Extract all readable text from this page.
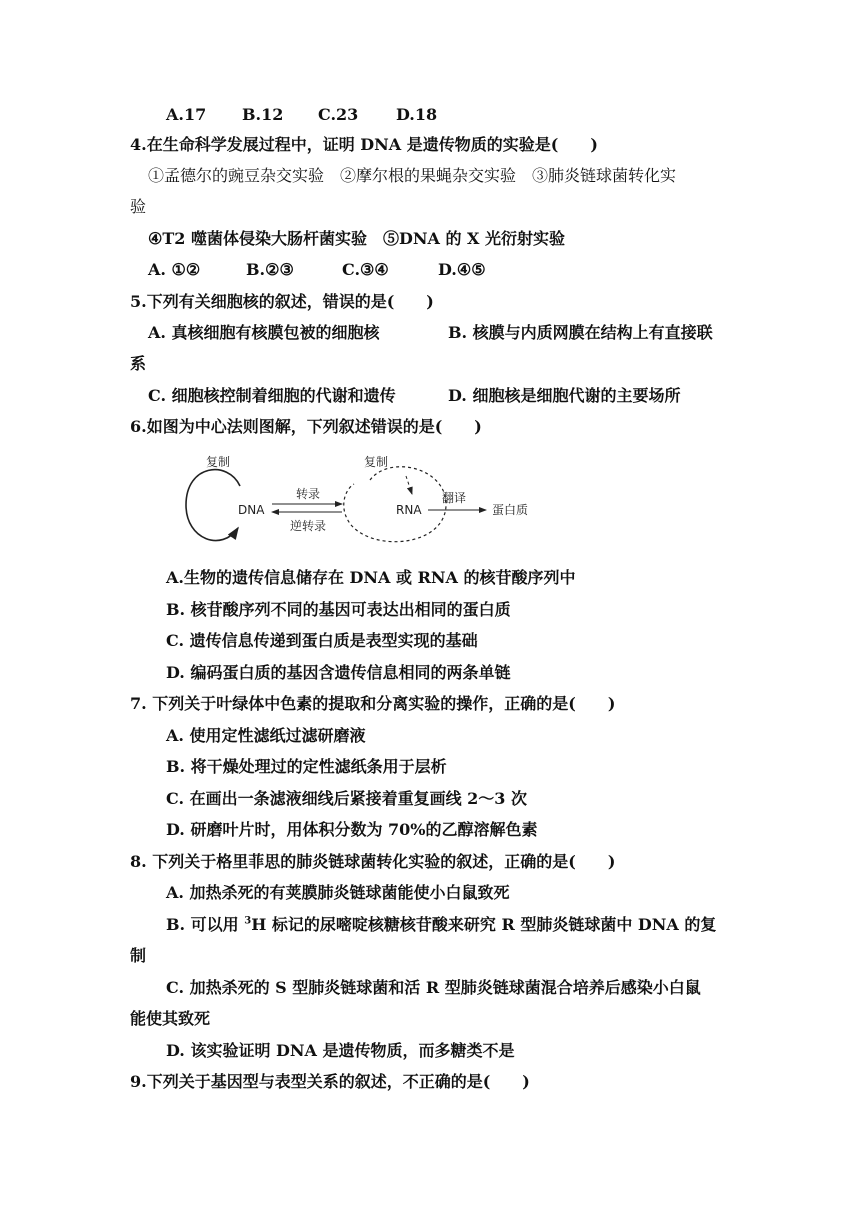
A.17 B.12 C.23 D.18
4.在生命科学发展过程中，证明 DNA 是遗传物质的实验是(　　)
①孟德尔的豌豆杂交实验　②摩尔根的果蝇杂交实验　③肺炎链球菌转化实
验
④T2 噬菌体侵染大肠杆菌实验　⑤DNA 的 X 光衍射实验
A. ①②	B.②③	C.③④	D.④⑤
5.下列有关细胞核的叙述，错误的是(　　)
A. 真核细胞有核膜包被的细胞核	B. 核膜与内质网膜在结构上有直接联
系
C. 细胞核控制着细胞的代谢和遗传	D. 细胞核是细胞代谢的主要场所
6.如图为中心法则图解，下列叙述错误的是(　　)
复制
DNA
转录
逆转录
复制
RNA
翻译
蛋白质
A.生物的遗传信息储存在 DNA 或 RNA 的核苷酸序列中
B. 核苷酸序列不同的基因可表达出相同的蛋白质
C. 遗传信息传递到蛋白质是表型实现的基础
D. 编码蛋白质的基因含遗传信息相同的两条单链
7. 下列关于叶绿体中色素的提取和分离实验的操作，正确的是(　　)
A. 使用定性滤纸过滤研磨液
B. 将干燥处理过的定性滤纸条用于层析
C. 在画出一条滤液细线后紧接着重复画线 2～3 次
D. 研磨叶片时，用体积分数为 70%的乙醇溶解色素
8. 下列关于格里菲思的肺炎链球菌转化实验的叙述，正确的是(　　)
A. 加热杀死的有荚膜肺炎链球菌能使小白鼠致死
B. 可以用 $^3$H 标记的尿嘧啶核糖核苷酸来研究 R 型肺炎链球菌中 DNA 的复
制
C. 加热杀死的 S 型肺炎链球菌和活 R 型肺炎链球菌混合培养后感染小白鼠
能使其致死
D. 该实验证明 DNA 是遗传物质，而多糖类不是
9.下列关于基因型与表型关系的叙述，不正确的是(　　)
